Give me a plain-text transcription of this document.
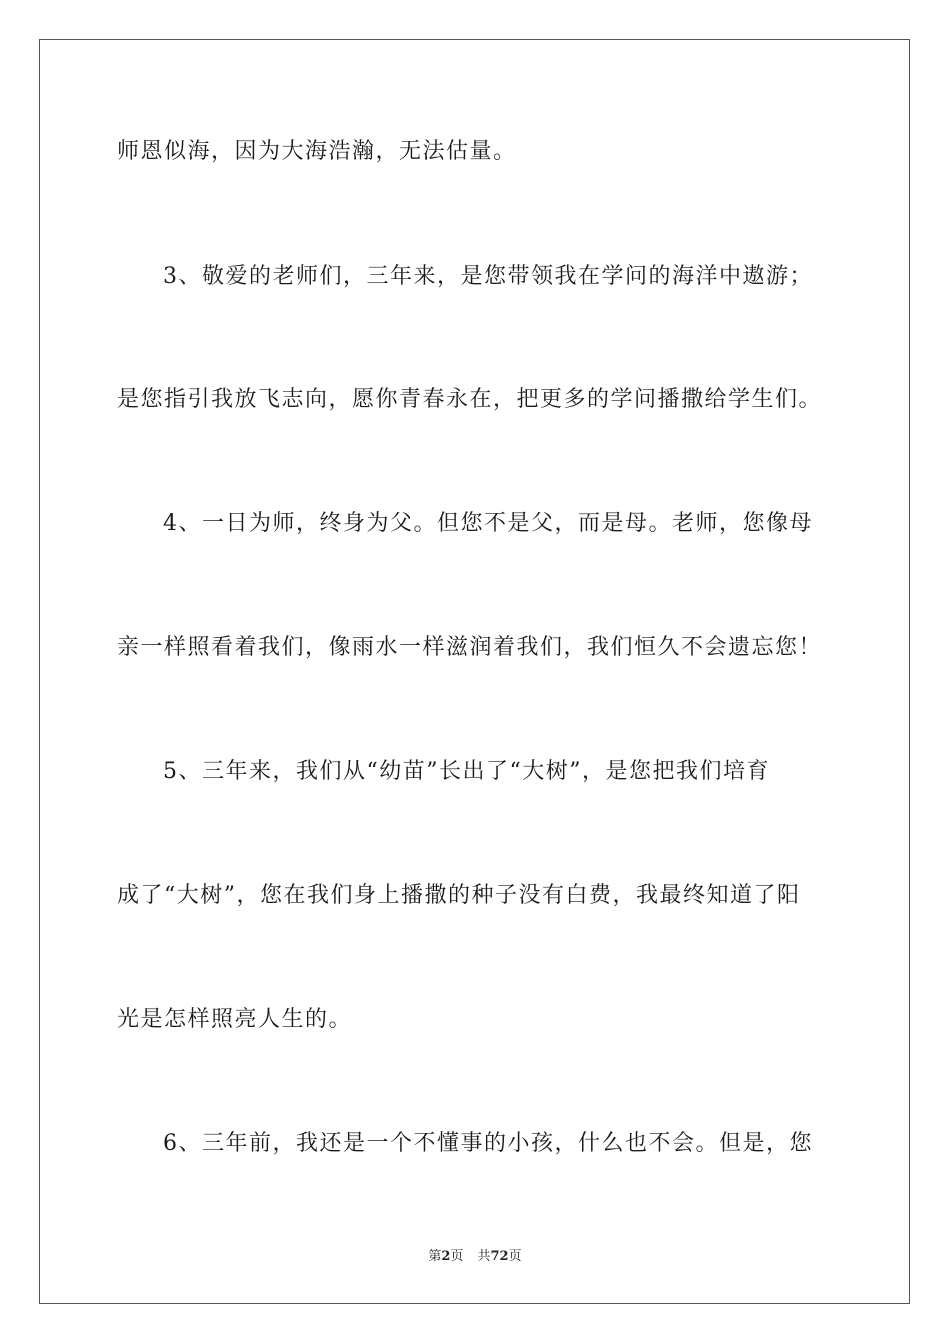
师恩似海，因为大海浩瀚，无法估量。
3、敬爱的老师们，三年来，是您带领我在学问的海洋中遨游；
是您指引我放飞志向，愿你青春永在，把更多的学问播撒给学生们。
4、一日为师，终身为父。但您不是父，而是母。老师，您像母
亲一样照看着我们，像雨水一样滋润着我们，我们恒久不会遗忘您！
5、三年来，我们从“幼苗”长出了“大树”，是您把我们培育
成了“大树”，您在我们身上播撒的种子没有白费，我最终知道了阳
光是怎样照亮人生的。
6、三年前，我还是一个不懂事的小孩，什么也不会。但是，您
第2页 共72页
